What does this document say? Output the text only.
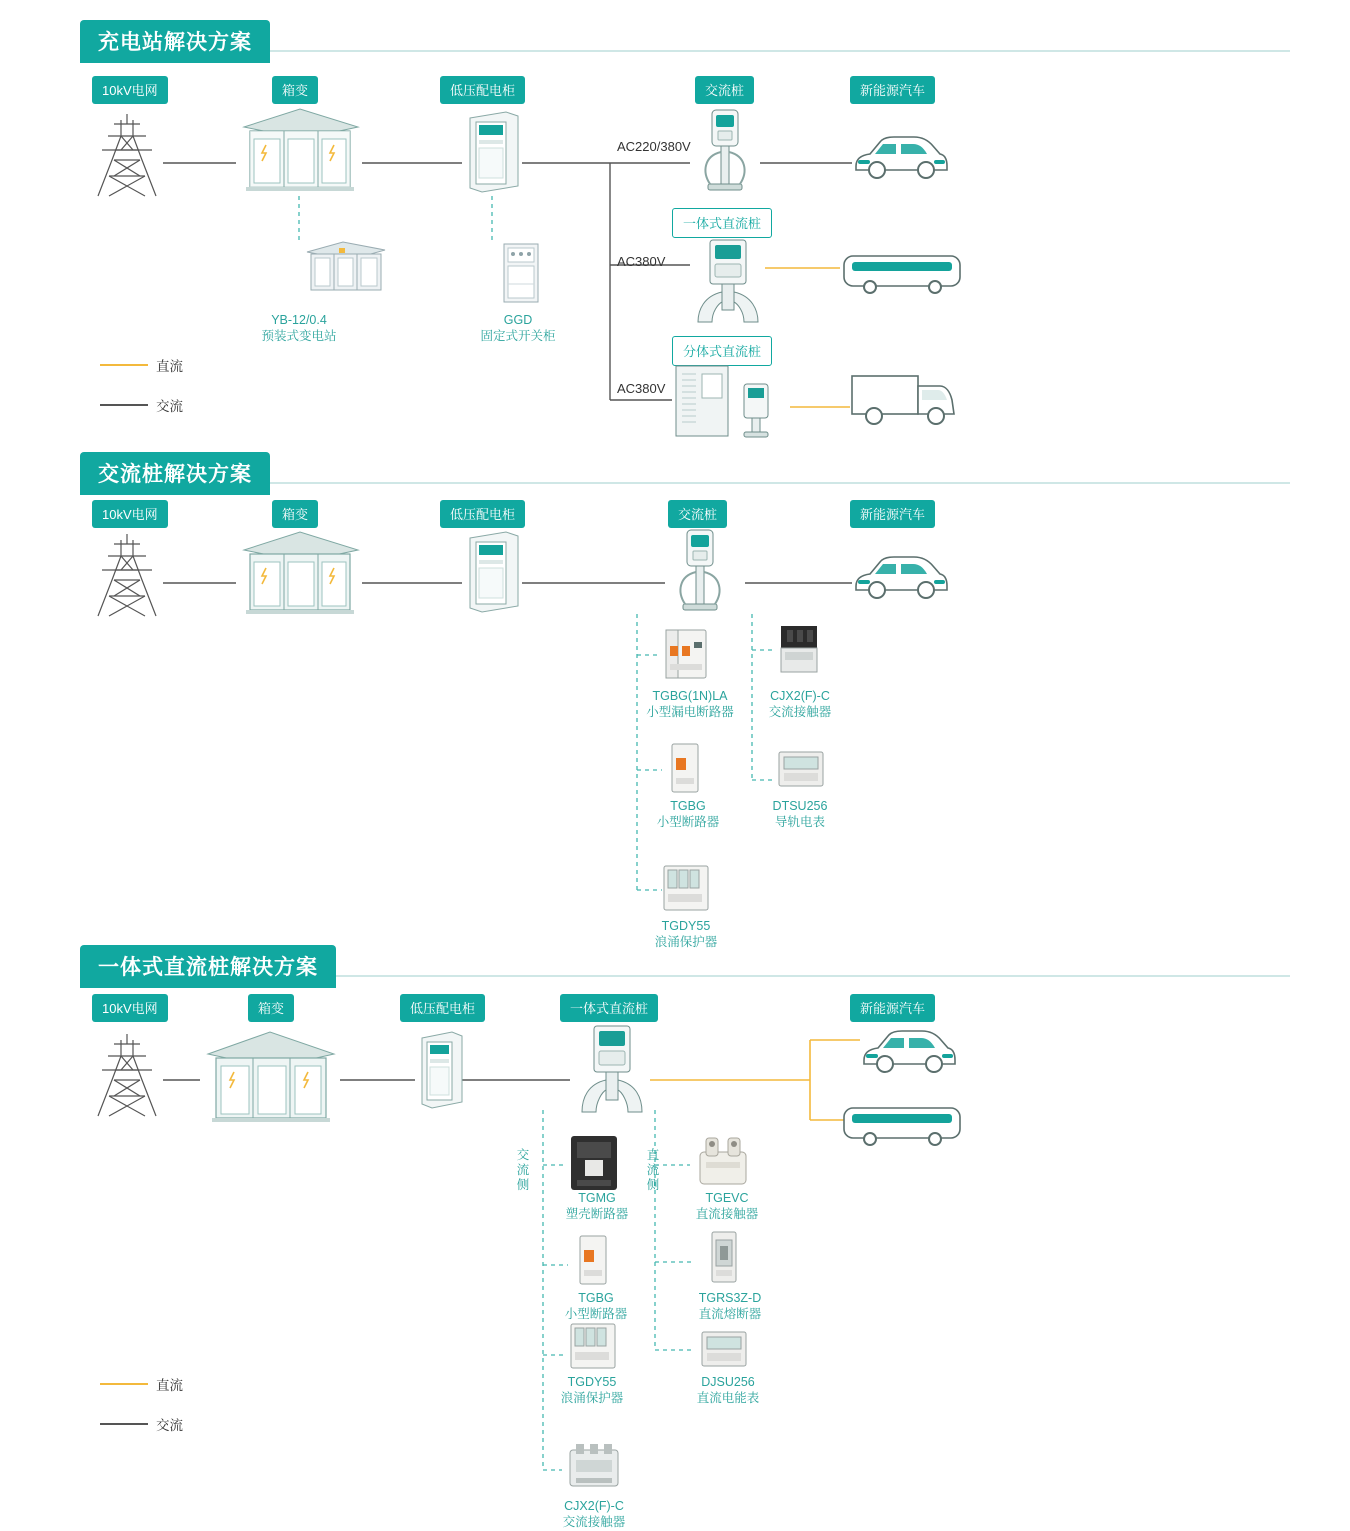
充电站解决方案
10kV电网	箱变	低压配电柜	交流桩	新能源汽车
一体式直流桩
分体式直流桩
AC220/380V
AC380V
AC380V
YB-12/0.4
预装式变电站
GGD
固定式开关柜
直流
交流
交流桩解决方案
10kV电网	箱变	低压配电柜	交流桩	新能源汽车
TGBG(1N)LA
小型漏电断路器
CJX2(F)-C
交流接触器
TGBG
小型断路器
DTSU256
导轨电表
TGDY55
浪涌保护器
一体式直流桩解决方案
10kV电网	箱变	低压配电柜	一体式直流桩	新能源汽车
交流侧
直流侧
TGMG
塑壳断路器
TGEVC
直流接触器
TGBG
小型断路器
TGRS3Z-D
直流熔断器
TGDY55
浪涌保护器
DJSU256
直流电能表
CJX2(F)-C
交流接触器
直流
交流
